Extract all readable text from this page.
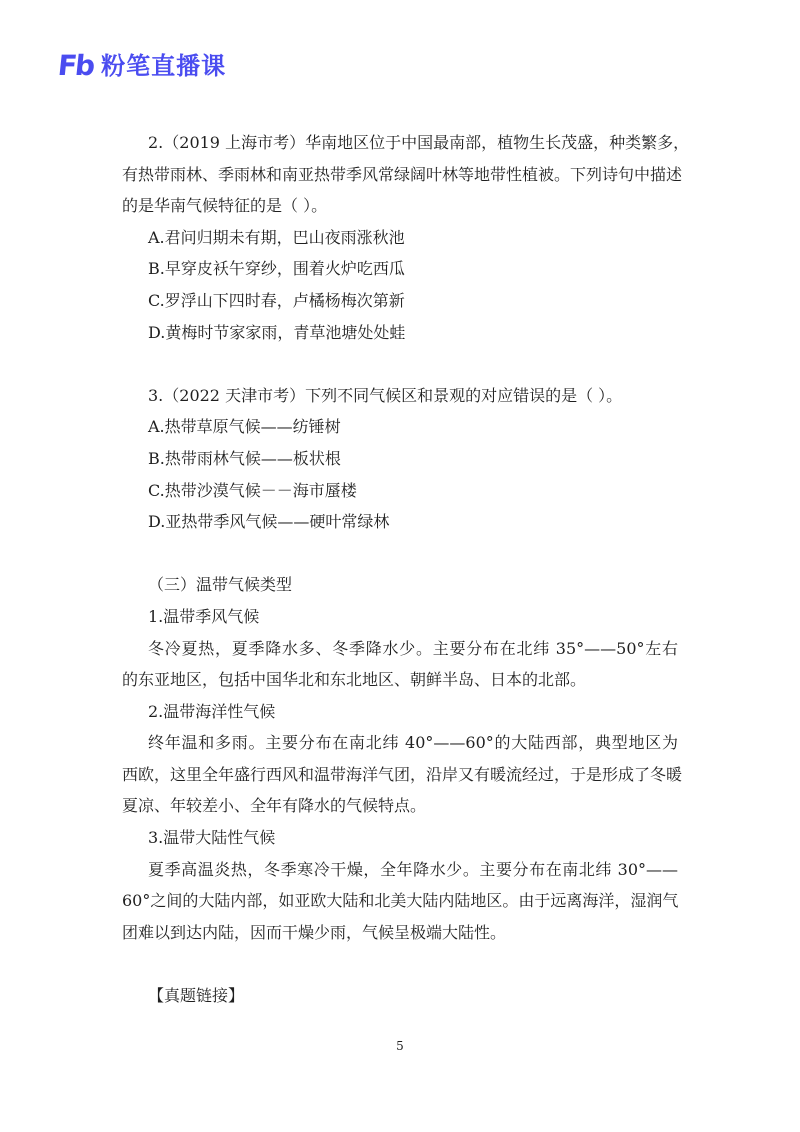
Fb 粉笔直播课
2.（2019 上海市考）华南地区位于中国最南部，植物生长茂盛，种类繁多，
有热带雨林、季雨林和南亚热带季风常绿阔叶林等地带性植被。下列诗句中描述
的是华南气候特征的是（ ）。
A.君问归期未有期，巴山夜雨涨秋池
B.早穿皮袄午穿纱，围着火炉吃西瓜
C.罗浮山下四时春，卢橘杨梅次第新
D.黄梅时节家家雨，青草池塘处处蛙
3.（2022 天津市考）下列不同气候区和景观的对应错误的是（ ）。
A.热带草原气候——纺锤树
B.热带雨林气候——板状根
C.热带沙漠气候－－海市蜃楼
D.亚热带季风气候——硬叶常绿林
（三）温带气候类型
1.温带季风气候
冬冷夏热，夏季降水多、冬季降水少。主要分布在北纬 35°——50°左右
的东亚地区，包括中国华北和东北地区、朝鲜半岛、日本的北部。
2.温带海洋性气候
终年温和多雨。主要分布在南北纬 40°——60°的大陆西部，典型地区为
西欧，这里全年盛行西风和温带海洋气团，沿岸又有暖流经过，于是形成了冬暖
夏凉、年较差小、全年有降水的气候特点。
3.温带大陆性气候
夏季高温炎热，冬季寒冷干燥，全年降水少。主要分布在南北纬 30°——
60°之间的大陆内部，如亚欧大陆和北美大陆内陆地区。由于远离海洋，湿润气
团难以到达内陆，因而干燥少雨，气候呈极端大陆性。
【真题链接】
5
